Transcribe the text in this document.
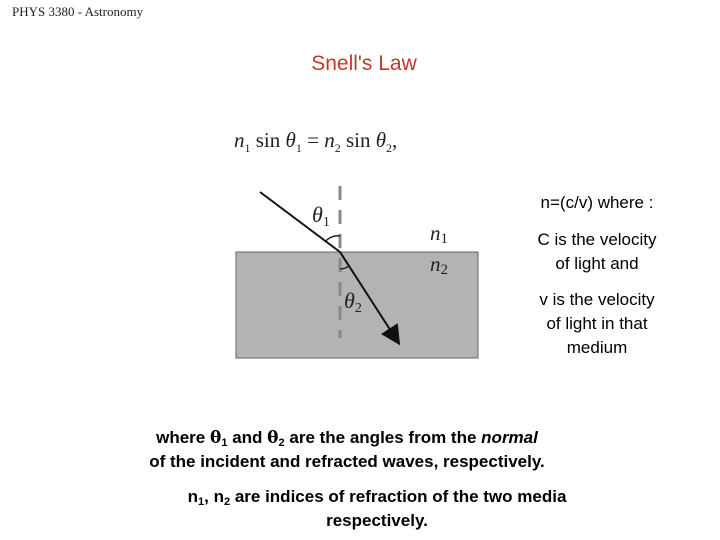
PHYS 3380 - Astronomy
Snell's Law
$n_1$ $\sin \theta_1 = n_2$ $\sin \theta_2$,
θ1
θ2
n1
n2
n=(c/v) where :
C is the velocity
of light and
v is the velocity
of light in that
medium
where $\theta_1$ and $\theta_2$ are the angles from the normal
of the incident and refracted waves, respectively.
$n_1$, $n_2$ are indices of refraction of the two media
respectively.
